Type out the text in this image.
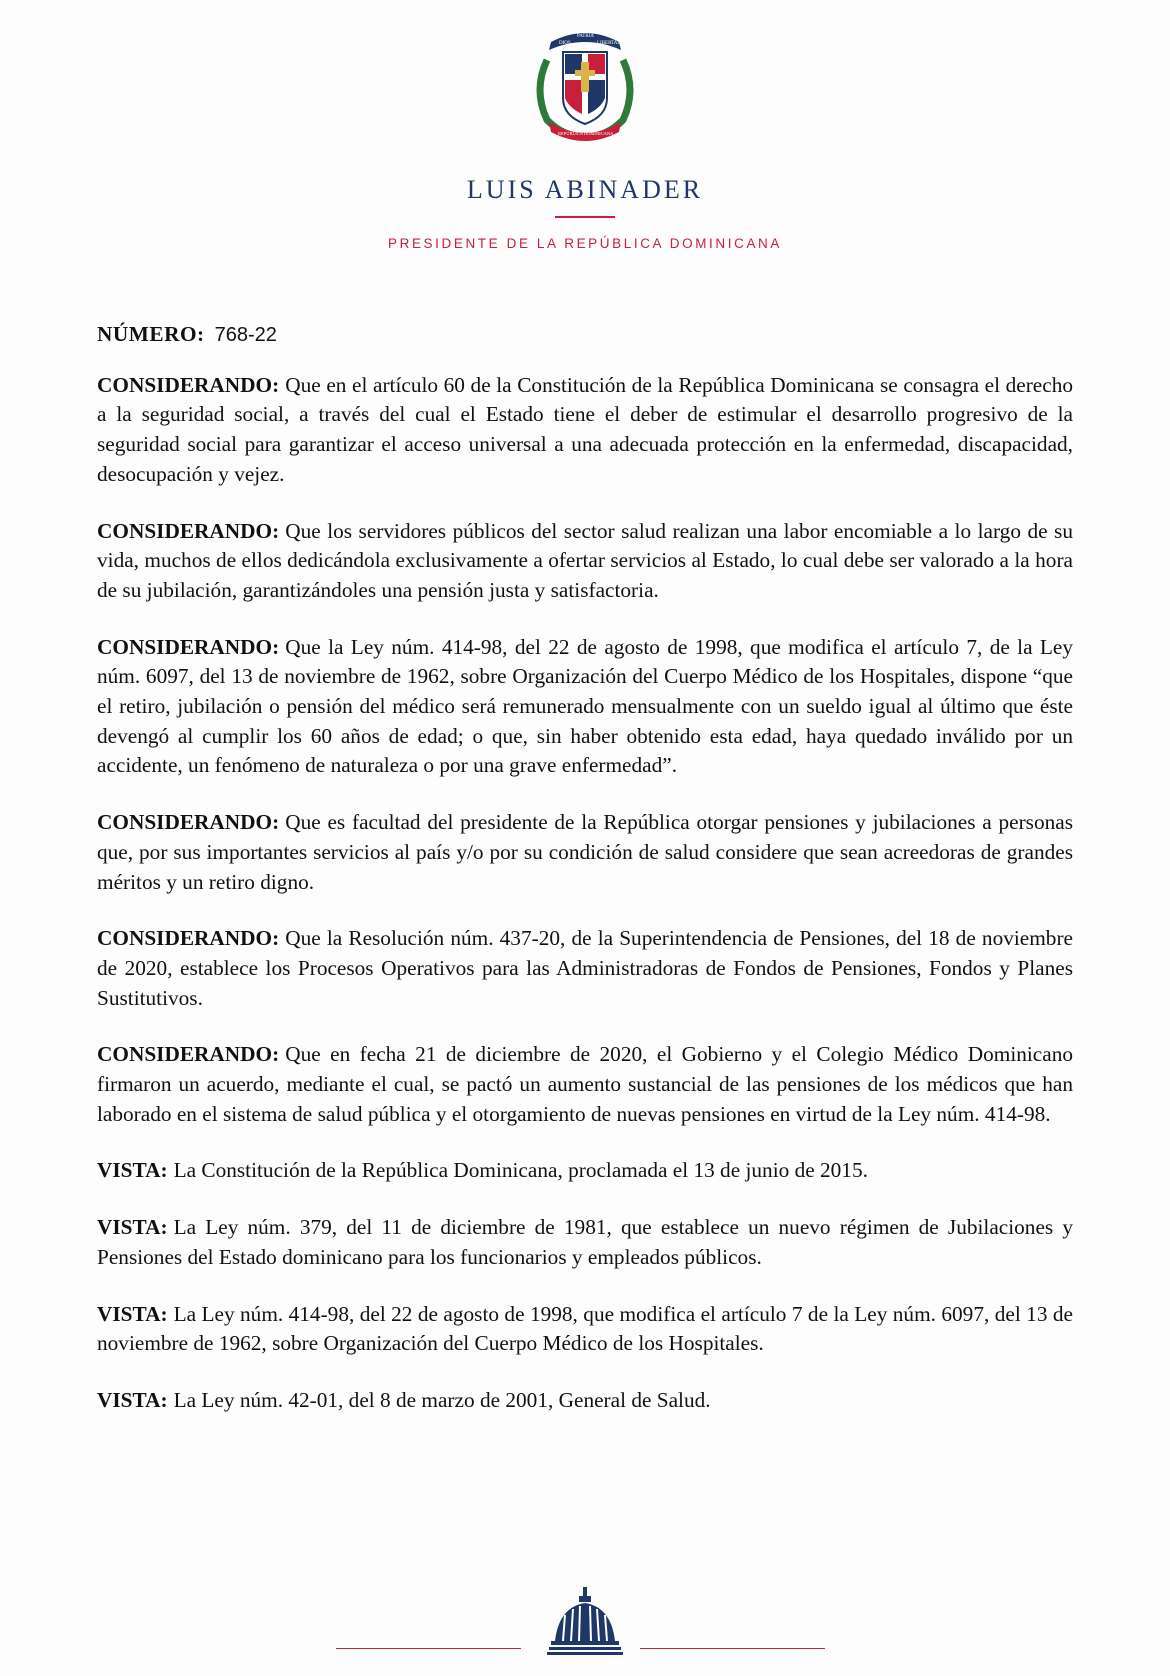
DIOS
PATRIA
LIBERTAD
REPÚBLICA DOMINICANA
LUIS ABINADER
PRESIDENTE DE LA REPÚBLICA DOMINICANA

NÚMERO: 768-22

CONSIDERANDO: Que en el artículo 60 de la Constitución de la República Dominicana se consagra el derecho a la seguridad social, a través del cual el Estado tiene el deber de estimular el desarrollo progresivo de la seguridad social para garantizar el acceso universal a una adecuada protección en la enfermedad, discapacidad, desocupación y vejez.

CONSIDERANDO: Que los servidores públicos del sector salud realizan una labor encomiable a lo largo de su vida, muchos de ellos dedicándola exclusivamente a ofertar servicios al Estado, lo cual debe ser valorado a la hora de su jubilación, garantizándoles una pensión justa y satisfactoria.

CONSIDERANDO: Que la Ley núm. 414-98, del 22 de agosto de 1998, que modifica el artículo 7, de la Ley núm. 6097, del 13 de noviembre de 1962, sobre Organización del Cuerpo Médico de los Hospitales, dispone “que el retiro, jubilación o pensión del médico será remunerado mensualmente con un sueldo igual al último que éste devengó al cumplir los 60 años de edad; o que, sin haber obtenido esta edad, haya quedado inválido por un accidente, un fenómeno de naturaleza o por una grave enfermedad”.

CONSIDERANDO: Que es facultad del presidente de la República otorgar pensiones y jubilaciones a personas que, por sus importantes servicios al país y/o por su condición de salud considere que sean acreedoras de grandes méritos y un retiro digno.

CONSIDERANDO: Que la Resolución núm. 437-20, de la Superintendencia de Pensiones, del 18 de noviembre de 2020, establece los Procesos Operativos para las Administradoras de Fondos de Pensiones, Fondos y Planes Sustitutivos.

CONSIDERANDO: Que en fecha 21 de diciembre de 2020, el Gobierno y el Colegio Médico Dominicano firmaron un acuerdo, mediante el cual, se pactó un aumento sustancial de las pensiones de los médicos que han laborado en el sistema de salud pública y el otorgamiento de nuevas pensiones en virtud de la Ley núm. 414-98.

VISTA: La Constitución de la República Dominicana, proclamada el 13 de junio de 2015.

VISTA: La Ley núm. 379, del 11 de diciembre de 1981, que establece un nuevo régimen de Jubilaciones y Pensiones del Estado dominicano para los funcionarios y empleados públicos.

VISTA: La Ley núm. 414-98, del 22 de agosto de 1998, que modifica el artículo 7 de la Ley núm. 6097, del 13 de noviembre de 1962, sobre Organización del Cuerpo Médico de los Hospitales.

VISTA: La Ley núm. 42-01, del 8 de marzo de 2001, General de Salud.
